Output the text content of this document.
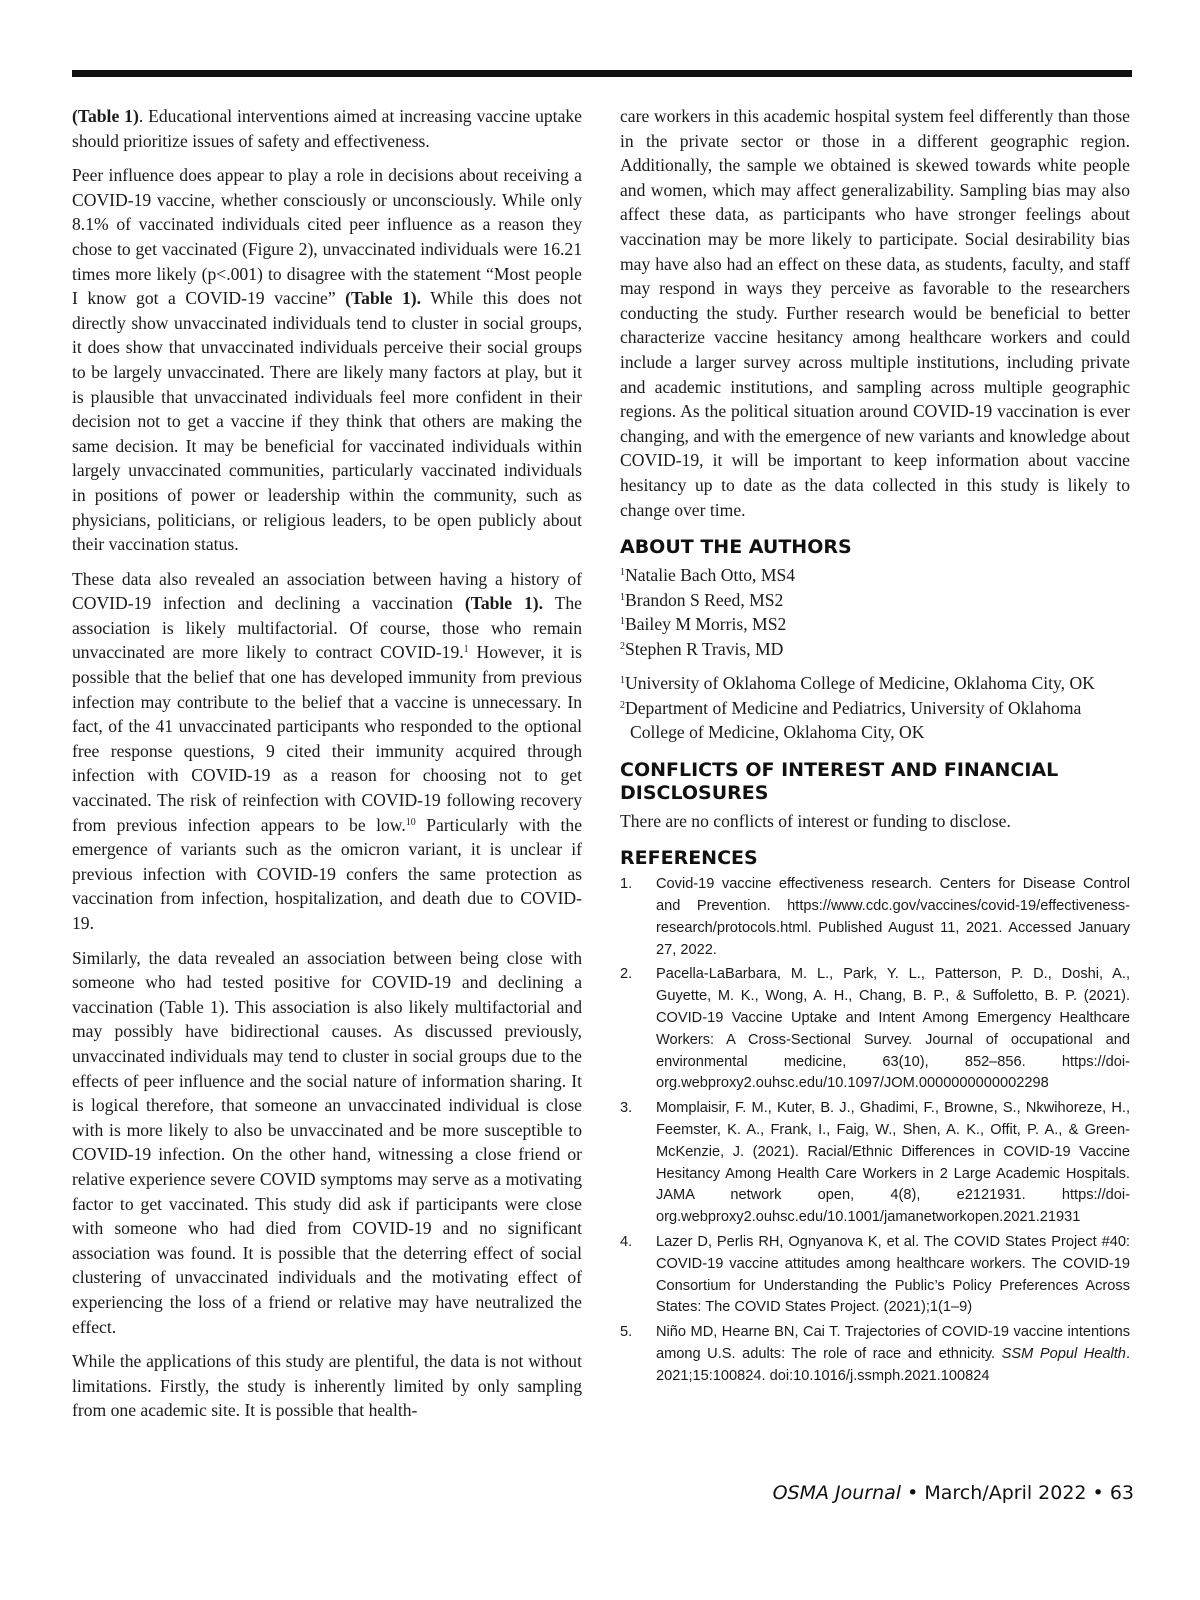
(Table 1). Educational interventions aimed at increasing vaccine uptake should prioritize issues of safety and effectiveness.

Peer influence does appear to play a role in decisions about receiving a COVID-19 vaccine, whether consciously or unconsciously. While only 8.1% of vaccinated individuals cited peer influence as a reason they chose to get vaccinated (Figure 2), unvaccinated individuals were 16.21 times more likely (p<.001) to disagree with the statement “Most people I know got a COVID-19 vaccine” (Table 1). While this does not directly show unvaccinated individuals tend to cluster in social groups, it does show that unvaccinated individuals perceive their social groups to be largely unvaccinated. There are likely many factors at play, but it is plausible that unvaccinated individuals feel more confident in their decision not to get a vaccine if they think that others are making the same decision. It may be beneficial for vaccinated individuals within largely unvaccinated communities, particularly vaccinated individuals in positions of power or leadership within the community, such as physicians, politicians, or religious leaders, to be open publicly about their vaccination status.

These data also revealed an association between having a history of COVID-19 infection and declining a vaccination (Table 1). The association is likely multifactorial. Of course, those who remain unvaccinated are more likely to contract COVID-19.$^1$ However, it is possible that the belief that one has developed immunity from previous infection may contribute to the belief that a vaccine is unnecessary. In fact, of the 41 unvaccinated participants who responded to the optional free response questions, 9 cited their immunity acquired through infection with COVID-19 as a reason for choosing not to get vaccinated. The risk of reinfection with COVID-19 following recovery from previous infection appears to be low.$^{10}$ Particularly with the emergence of variants such as the omicron variant, it is unclear if previous infection with COVID-19 confers the same protection as vaccination from infection, hospitalization, and death due to COVID-19.

Similarly, the data revealed an association between being close with someone who had tested positive for COVID-19 and declining a vaccination (Table 1). This association is also likely multifactorial and may possibly have bidirectional causes. As discussed previously, unvaccinated individuals may tend to cluster in social groups due to the effects of peer influence and the social nature of information sharing. It is logical therefore, that someone an unvaccinated individual is close with is more likely to also be unvaccinated and be more susceptible to COVID-19 infection. On the other hand, witnessing a close friend or relative experience severe COVID symptoms may serve as a motivating factor to get vaccinated. This study did ask if participants were close with someone who had died from COVID-19 and no significant association was found. It is possible that the deterring effect of social clustering of unvaccinated individuals and the motivating effect of experiencing the loss of a friend or relative may have neutralized the effect.

While the applications of this study are plentiful, the data is not without limitations. Firstly, the study is inherently limited by only sampling from one academic site. It is possible that health-

care workers in this academic hospital system feel differently than those in the private sector or those in a different geographic region. Additionally, the sample we obtained is skewed towards white people and women, which may affect generalizability. Sampling bias may also affect these data, as participants who have stronger feelings about vaccination may be more likely to participate. Social desirability bias may have also had an effect on these data, as students, faculty, and staff may respond in ways they perceive as favorable to the researchers conducting the study. Further research would be beneficial to better characterize vaccine hesitancy among healthcare workers and could include a larger survey across multiple institutions, including private and academic institutions, and sampling across multiple geographic regions. As the political situation around COVID-19 vaccination is ever changing, and with the emergence of new variants and knowledge about COVID-19, it will be important to keep information about vaccine hesitancy up to date as the data collected in this study is likely to change over time.

ABOUT THE AUTHORS
$^1$Natalie Bach Otto, MS4
$^1$Brandon S Reed, MS2
$^1$Bailey M Morris, MS2
$^2$Stephen R Travis, MD
$^1$University of Oklahoma College of Medicine, Oklahoma City, OK
$^2$Department of Medicine and Pediatrics, University of Oklahoma College of Medicine, Oklahoma City, OK
CONFLICTS OF INTEREST AND FINANCIAL DISCLOSURES

There are no conflicts of interest or funding to disclose.

REFERENCES
1. Covid-19 vaccine effectiveness research. Centers for Disease Control and Prevention. https://www.cdc.gov/vaccines/covid-19/effectiveness-research/protocols.html. Published August 11, 2021. Accessed January 27, 2022.
2. Pacella-LaBarbara, M. L., Park, Y. L., Patterson, P. D., Doshi, A., Guyette, M. K., Wong, A. H., Chang, B. P., & Suffoletto, B. P. (2021). COVID-19 Vaccine Uptake and Intent Among Emergency Healthcare Workers: A Cross-Sectional Survey. Journal of occupational and environmental medicine, 63(10), 852–856. https://doi-org.webproxy2.ouhsc.edu/10.1097/JOM.0000000000002298
3. Momplaisir, F. M., Kuter, B. J., Ghadimi, F., Browne, S., Nkwihoreze, H., Feemster, K. A., Frank, I., Faig, W., Shen, A. K., Offit, P. A., & Green-McKenzie, J. (2021). Racial/Ethnic Differences in COVID-19 Vaccine Hesitancy Among Health Care Workers in 2 Large Academic Hospitals. JAMA network open, 4(8), e2121931. https://doi-org.webproxy2.ouhsc.edu/10.1001/jamanetworkopen.2021.21931
4. Lazer D, Perlis RH, Ognyanova K, et al. The COVID States Project #40: COVID-19 vaccine attitudes among healthcare workers. The COVID-19 Consortium for Understanding the Public’s Policy Preferences Across States: The COVID States Project. (2021);1(1–9)
5. Niño MD, Hearne BN, Cai T. Trajectories of COVID-19 vaccine intentions among U.S. adults: The role of race and ethnicity. SSM Popul Health. 2021;15:100824. doi:10.1016/j.ssmph.2021.100824
OSMA Journal • March/April 2022 • 63
